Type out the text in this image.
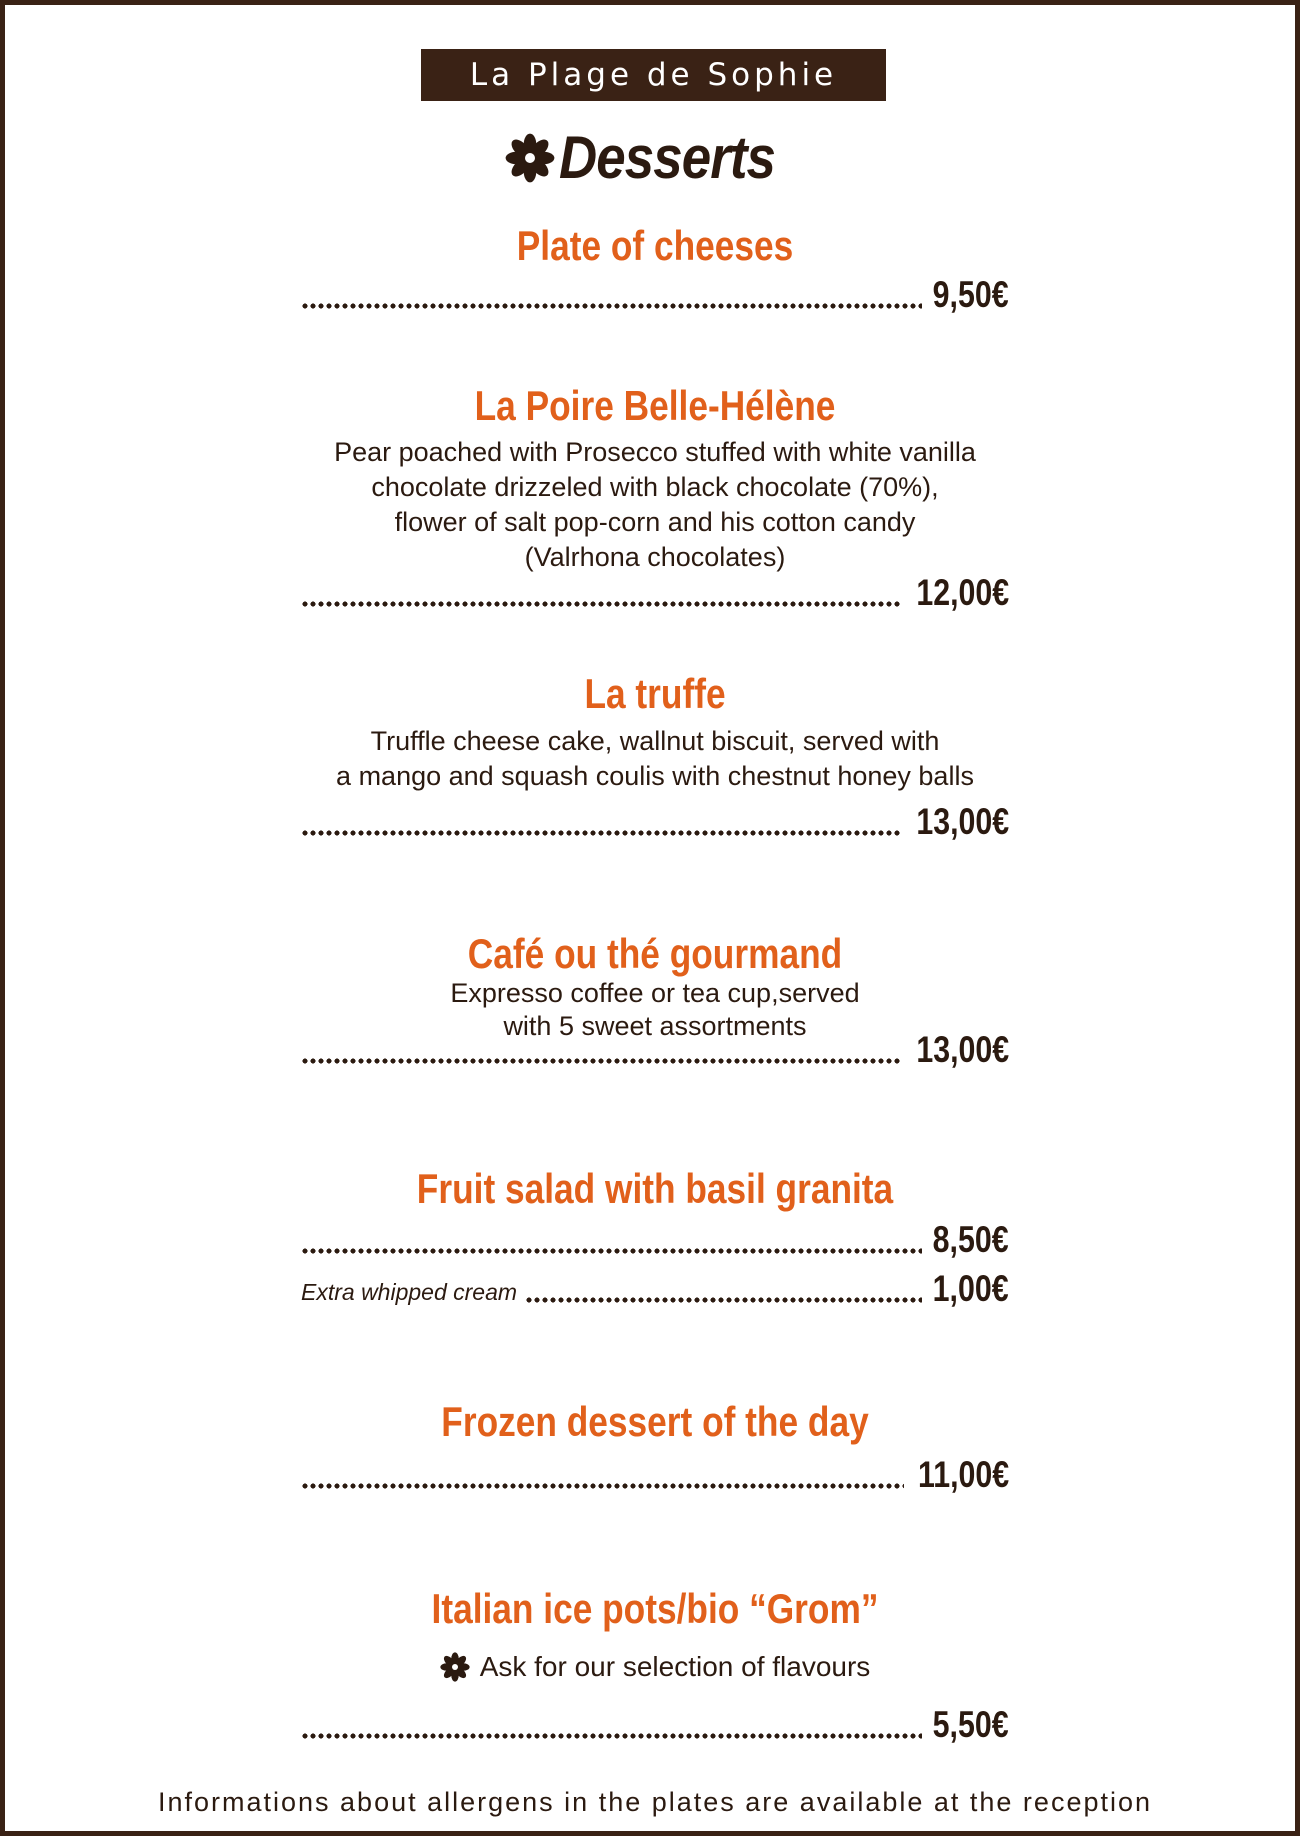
La Plage de Sophie
Desserts
Plate of cheeses
9,50€
La Poire Belle-Hélène
Pear poached with Prosecco stuffed with white vanilla
chocolate drizzeled with black chocolate (70%),
flower of salt pop-corn and his cotton candy
(Valrhona chocolates)
12,00€
La truffe
Truffle cheese cake, wallnut biscuit, served with
a mango and squash coulis with chestnut honey balls
13,00€
Café ou thé gourmand
Expresso coffee or tea cup,served
with 5 sweet assortments
13,00€
Fruit salad with basil granita
8,50€
Extra whipped cream	1,00€
Frozen dessert of the day
11,00€
Italian ice pots/bio “Grom”
Ask for our selection of flavours
5,50€
Informations about allergens in the plates are available at the reception
